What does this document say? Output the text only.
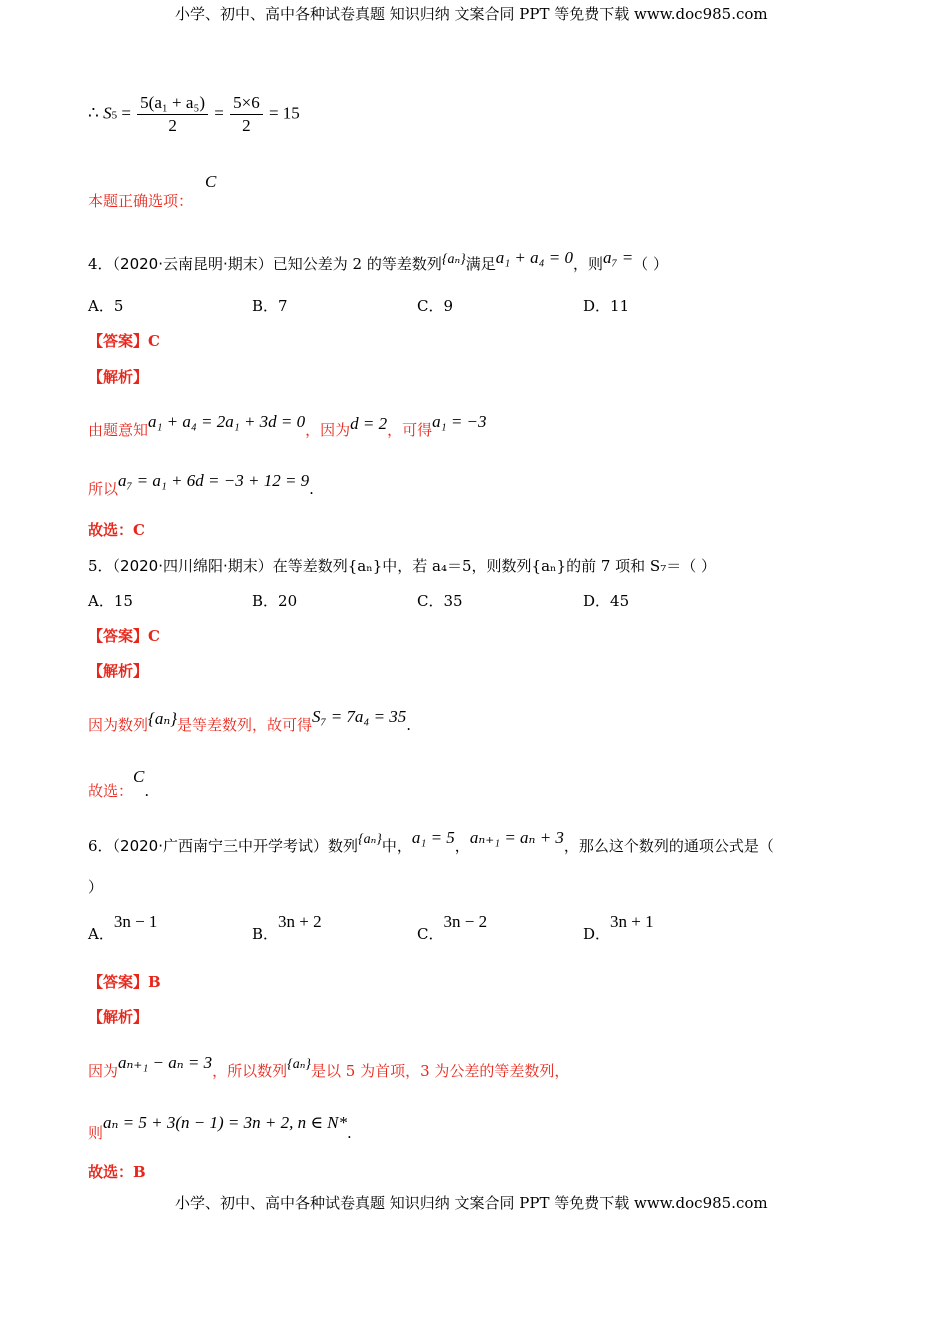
小学、初中、高中各种试卷真题 知识归纳 文案合同 PPT 等免费下载 www.doc985.com
∴ $S5 = \frac{\text{5(a₁ + a₅)}}{2} = \frac{5\times 6}{2} = 15$
本题正确选项：
C
4．（2020·云南昆明·期末）已知公差为 2 的等差数列{aₙ}满足a₁ + a₄ = 0，则a₇ =（ ）
A．5	B．7	C．9	D．11
【答案】C
【解析】
由题意知a₁ + a₄ = 2a₁ + 3d = 0，因为d = 2，可得a₁ = −3
所以a₇ = a₁ + 6d = −3 + 12 = 9.
故选：C
5．（2020·四川绵阳·期末）在等差数列{aₙ}中，若 a₄＝5，则数列{aₙ}的前 7 项和 S₇＝（ ）
A．15	B．20	C．35	D．45
【答案】C
【解析】
因为数列{aₙ}是等差数列，故可得S₇ = 7a₄ = 35.
故选：C.
6．（2020·广西南宁三中开学考试）数列{aₙ}中，a₁ = 5，aₙ₊₁ = aₙ + 3，那么这个数列的通项公式是（
）
A．3n − 1
B．3n + 2
C．3n − 2
D．3n + 1
【答案】B
【解析】
因为aₙ₊₁ − aₙ = 3，所以数列{aₙ}是以 5 为首项，3 为公差的等差数列，
则aₙ = 5 + 3(n − 1) = 3n + 2, n ∈ N*.
故选：B
小学、初中、高中各种试卷真题 知识归纳 文案合同 PPT 等免费下载 www.doc985.com
